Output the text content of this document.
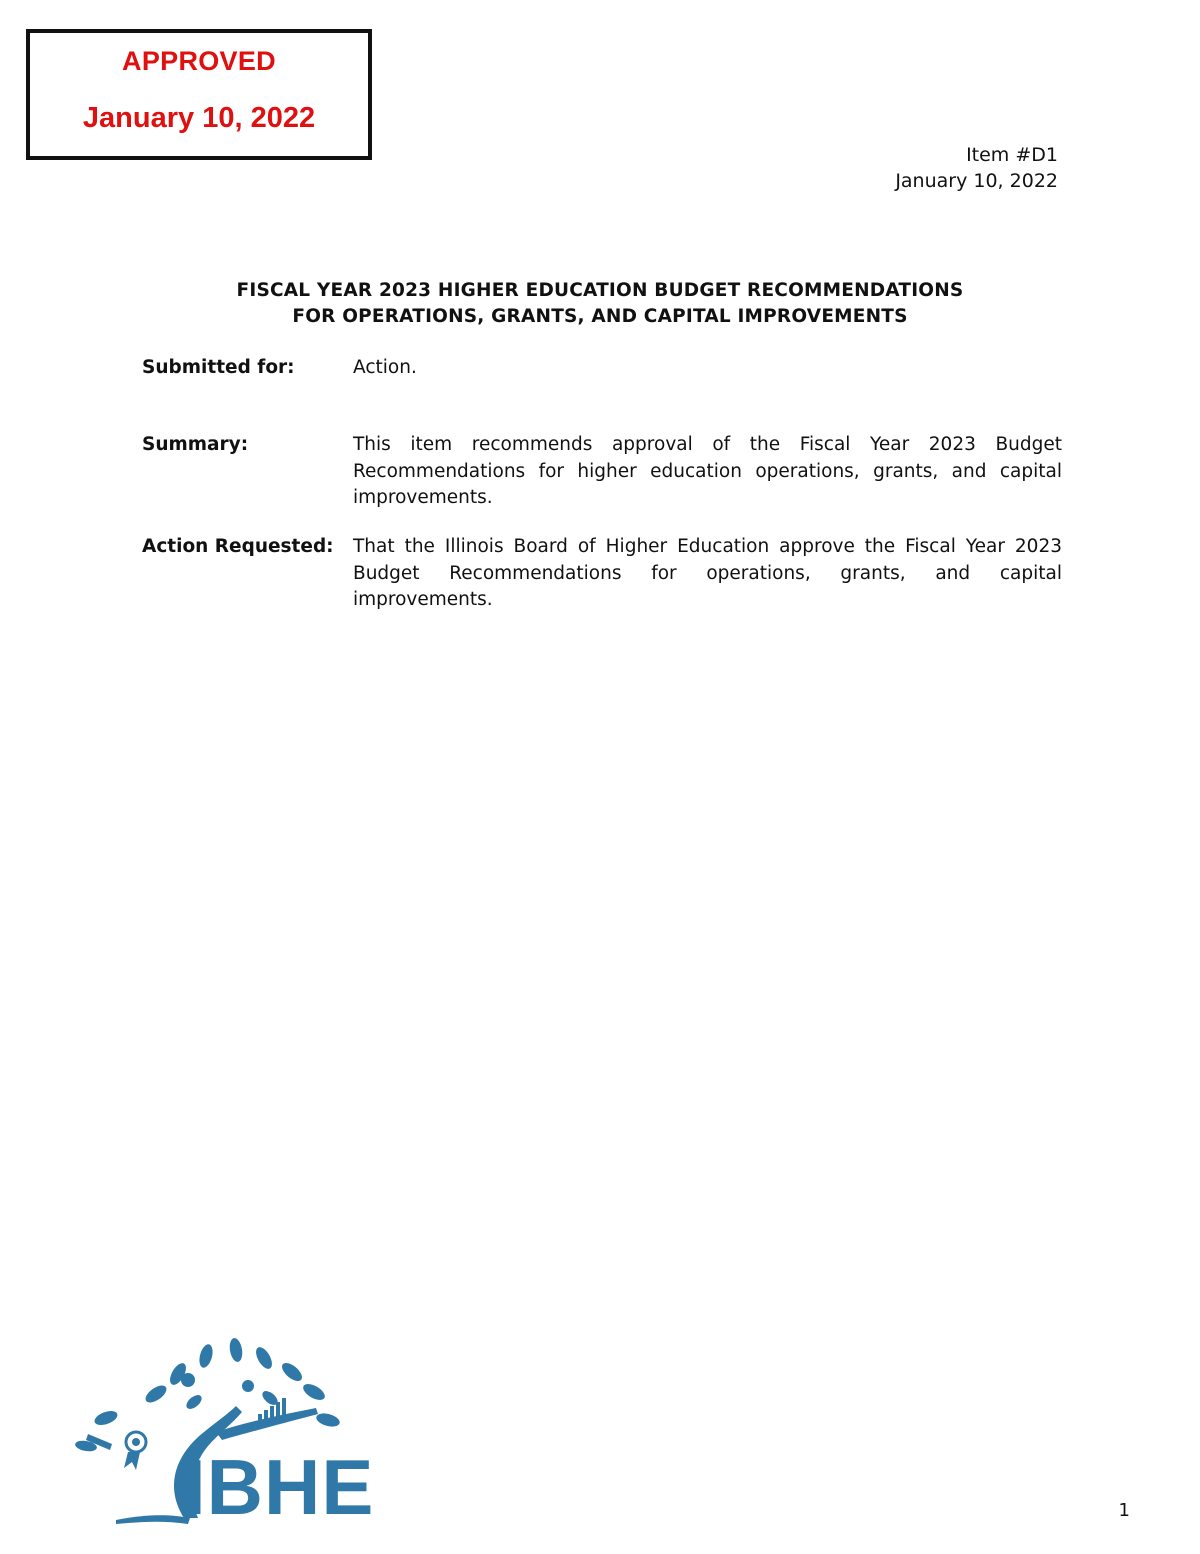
APPROVED
January 10, 2022
Item #D1
January 10, 2022
FISCAL YEAR 2023 HIGHER EDUCATION BUDGET RECOMMENDATIONS
FOR OPERATIONS, GRANTS, AND CAPITAL IMPROVEMENTS
Submitted for:	Action.
Summary:	This item recommends approval of the Fiscal Year 2023 Budget Recommendations for higher education operations, grants, and capital improvements.
Action Requested: That the Illinois Board of Higher Education approve the Fiscal Year 2023 Budget Recommendations for operations, grants, and capital improvements.
IBHE	1
